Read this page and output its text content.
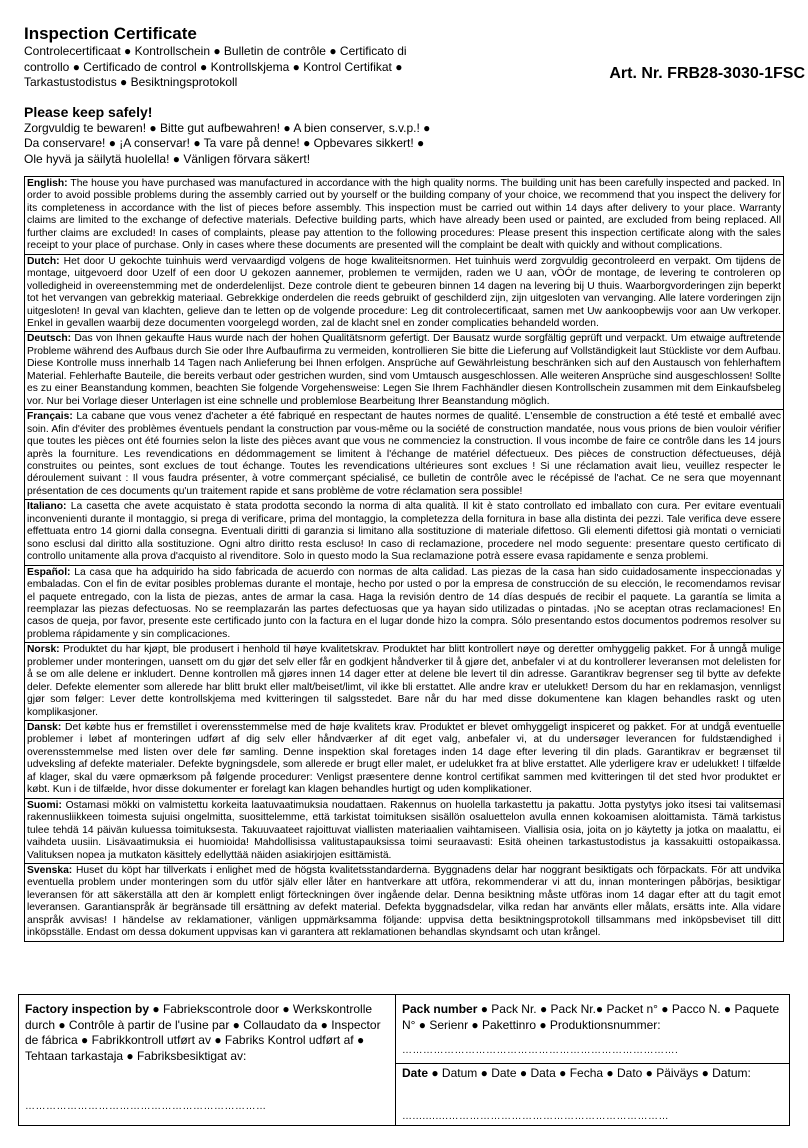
Inspection Certificate
Controlecertificaat ● Kontrollschein ● Bulletin de contrôle ● Certificato di controllo ● Certificado de control ● Kontrollskjema ● Kontrol Certifikat ● Tarkastustodistus ● Besiktningsprotokoll
Please keep safely!
Zorgvuldig te bewaren! ● Bitte gut aufbewahren! ● A bien conserver, s.v.p.! ● Da conservare! ● ¡A conservar! ● Ta vare på denne! ● Opbevares sikkert! ● Ole hyvä ja säilytä huolella! ● Vänligen förvara säkert!
Art. Nr. FRB28-3030-1FSC
English: The house you have purchased was manufactured in accordance with the high quality norms. The building unit has been carefully inspected and packed. In order to avoid possible problems during the assembly carried out by yourself or the building company of your choice, we recommend that you inspect the delivery for its completeness in accordance with the list of pieces before assembly. This inspection must be carried out within 14 days after delivery to your place. Warranty claims are limited to the exchange of defective materials. Defective building parts, which have already been used or painted, are excluded from being replaced. All further claims are excluded! In cases of complaints, please pay attention to the following procedures: Please present this inspection certificate along with the sales receipt to your place of purchase. Only in cases where these documents are presented will the complaint be dealt with quickly and without complications.
Dutch: Het door U gekochte tuinhuis werd vervaardigd volgens de hoge kwaliteitsnormen. Het tuinhuis werd zorgvuldig gecontroleerd en verpakt. Om tijdens de montage, uitgevoerd door Uzelf of een door U gekozen aannemer, problemen te vermijden, raden we U aan, vÒÓr de montage, de levering te controleren op volledigheid in overeenstemming met de onderdelenlijst. Deze controle dient te gebeuren binnen 14 dagen na levering bij U thuis. Waarborgvorderingen zijn beperkt tot het vervangen van gebrekkig materiaal. Gebrekkige onderdelen die reeds gebruikt of geschilderd zijn, zijn uitgesloten van vervanging. Alle latere vorderingen zijn uitgesloten! In geval van klachten, gelieve dan te letten op de volgende procedure: Leg dit controlecertificaat, samen met Uw aankoopbewijs voor aan Uw verkoper. Enkel in gevallen waarbij deze documenten voorgelegd worden, zal de klacht snel en zonder complicaties behandeld worden.
Deutsch: Das von Ihnen gekaufte Haus wurde nach der hohen Qualitätsnorm gefertigt. Der Bausatz wurde sorgfältig geprüft und verpackt. Um etwaige auftretende Probleme während des Aufbaus durch Sie oder Ihre Aufbaufirma zu vermeiden, kontrollieren Sie bitte die Lieferung auf Vollständigkeit laut Stückliste vor dem Aufbau. Diese Kontrolle muss innerhalb 14 Tagen nach Anlieferung bei Ihnen erfolgen. Ansprüche auf Gewährleistung beschränken sich auf den Austausch von fehlerhaftem Material. Fehlerhafte Bauteile, die bereits verbaut oder gestrichen wurden, sind vom Umtausch ausgeschlossen. Alle weiteren Ansprüche sind ausgeschlossen! Sollte es zu einer Beanstandung kommen, beachten Sie folgende Vorgehensweise: Legen Sie Ihrem Fachhändler diesen Kontrollschein zusammen mit dem Einkaufsbeleg vor. Nur bei Vorlage dieser Unterlagen ist eine schnelle und problemlose Bearbeitung Ihrer Beanstandung möglich.
Français: La cabane que vous venez d'acheter a été fabriqué en respectant de hautes normes de qualité. L'ensemble de construction a été testé et emballé avec soin. Afin d'éviter des problèmes éventuels pendant la construction par vous-même ou la société de construction mandatée, nous vous prions de bien vouloir vérifier que toutes les pièces ont été fournies selon la liste des pièces avant que vous ne commenciez la construction. Il vous incombe de faire ce contrôle dans les 14 jours après la fourniture. Les revendications en dédommagement se limitent à l'échange de matériel défectueux. Des pièces de construction défectueuses, déjà construites ou peintes, sont exclues de tout échange. Toutes les revendications ultérieures sont exclues ! Si une réclamation avait lieu, veuillez respecter le déroulement suivant : Il vous faudra présenter, à votre commerçant spécialisé, ce bulletin de contrôle avec le récépissé de l'achat. Ce ne sera que moyennant présentation de ces documents qu'un traitement rapide et sans problème de votre réclamation sera possible!
Italiano: La casetta che avete acquistato è stata prodotta secondo la norma di alta qualità. Il kit è stato controllato ed imballato con cura. Per evitare eventuali inconvenienti durante il montaggio, si prega di verificare, prima del montaggio, la completezza della fornitura in base alla distinta dei pezzi. Tale verifica deve essere effettuata entro 14 giorni dalla consegna. Eventuali diritti di garanzia si limitano alla sostituzione di materiale difettoso. Gli elementi difettosi già montati o verniciati sono esclusi dal diritto alla sostituzione. Ogni altro diritto resta escluso! In caso di reclamazione, procedere nel modo seguente: presentare questo certificato di controllo unitamente alla prova d'acquisto al rivenditore. Solo in questo modo la Sua reclamazione potrà essere evasa rapidamente e senza problemi.
Español: La casa que ha adquirido ha sido fabricada de acuerdo con normas de alta calidad. Las piezas de la casa han sido cuidadosamente inspeccionadas y embaladas. Con el fin de evitar posibles problemas durante el montaje, hecho por usted o por la empresa de construcción de su elección, le recomendamos revisar el paquete entregado, con la lista de piezas, antes de armar la casa. Haga la revisión dentro de 14 días después de recibir el paquete. La garantía se limita a reemplazar las piezas defectuosas. No se reemplazarán las partes defectuosas que ya hayan sido utilizadas o pintadas. ¡No se aceptan otras reclamaciones! En casos de queja, por favor, presente este certificado junto con la factura en el lugar donde hizo la compra. Sólo presentando estos documentos podremos resolver su problema rápidamente y sin complicaciones.
Norsk: Produktet du har kjøpt, ble produsert i henhold til høye kvalitetskrav. Produktet har blitt kontrollert nøye og deretter omhyggelig pakket. For å unngå mulige problemer under monteringen, uansett om du gjør det selv eller får en godkjent håndverker til å gjøre det, anbefaler vi at du kontrollerer leveransen mot delelisten for å se om alle delene er inkludert. Denne kontrollen må gjøres innen 14 dager etter at delene ble levert til din adresse. Garantikrav begrenser seg til bytte av defekte deler. Defekte elementer som allerede har blitt brukt eller malt/beiset/limt, vil ikke bli erstattet. Alle andre krav er utelukket! Dersom du har en reklamasjon, vennligst gjør som følger: Lever dette kontrollskjema med kvitteringen til salgsstedet. Bare når du har med disse dokumentene kan klagen behandles raskt og uten komplikasjoner.
Dansk: Det købte hus er fremstillet i overensstemmelse med de høje kvalitets krav. Produktet er blevet omhyggeligt inspiceret og pakket. For at undgå eventuelle problemer i løbet af monteringen udført af dig selv eller håndværker af dit eget valg, anbefaler vi, at du undersøger leverancen for fuldstændighed i overensstemmelse med listen over dele før samling. Denne inspektion skal foretages inden 14 dage efter levering til din plads. Garantikrav er begrænset til udveksling af defekte materialer. Defekte bygningsdele, som allerede er brugt eller malet, er udelukket fra at blive erstattet. Alle yderligere krav er udelukket! I tilfælde af klager, skal du være opmærksom på følgende procedurer: Venligst præsentere denne kontrol certifikat sammen med kvitteringen til det sted hvor produktet er købt. Kun i de tilfælde, hvor disse dokumenter er forelagt kan klagen behandles hurtigt og uden komplikationer.
Suomi: Ostamasi mökki on valmistettu korkeita laatuvaatimuksia noudattaen. Rakennus on huolella tarkastettu ja pakattu. Jotta pystytys joko itsesi tai valitsemasi rakennusliikkeen toimesta sujuisi ongelmitta, suosittelemme, että tarkistat toimituksen sisällön osaluettelon avulla ennen kokoamisen aloittamista. Tämä tarkistus tulee tehdä 14 päivän kuluessa toimituksesta. Takuuvaateet rajoittuvat viallisten materiaalien vaihtamiseen. Viallisia osia, joita on jo käytetty ja jotka on maalattu, ei vaihdeta uusiin. Lisävaatimuksia ei huomioida! Mahdollisissa valitustapauksissa toimi seuraavasti: Esitä oheinen tarkastustodistus ja kassakuitti ostopaikassa. Valituksen nopea ja mutkaton käsittely edellyttää näiden asiakirjojen esittämistä.
Svenska: Huset du köpt har tillverkats i enlighet med de högsta kvalitetsstandarderna. Byggnadens delar har noggrant besiktigats och förpackats. För att undvika eventuella problem under monteringen som du utför själv eller låter en hantverkare att utföra, rekommenderar vi att du, innan monteringen påbörjas, besiktigar leveransen för att säkerställa att den är komplett enligt förteckningen över ingående delar. Denna besiktning måste utföras inom 14 dagar efter att du tagit emot leveransen. Garantianspråk är begränsade till ersättning av defekt material. Defekta byggnadsdelar, vilka redan har använts eller målats, ersätts inte. Alla vidare anspråk avvisas! I händelse av reklamationer, vänligen uppmärksamma följande: uppvisa detta besiktningsprotokoll tillsammans med inköpsbeviset till ditt inköpsställe. Endast om dessa dokument uppvisas kan vi garantera att reklamationen behandlas skyndsamt och utan krångel.
Factory inspection by ● Fabriekscontrole door ● Werkskontrolle durch ● Contrôle à partir de l'usine par ● Collaudato da ● Inspector de fábrica ● Fabrikkontroll utført av ● Fabriks Kontrol udført af ● Tehtaan tarkastaja ● Fabriksbesiktigat av:
……………………………………………………………
Pack number ● Pack Nr. ● Pack Nr.● Packet n° ● Pacco N. ● Paquete N° ● Serienr ● Pakettinro ● Produktionsnummer:
…………………………………………………………………….
Date ● Datum ● Date ● Data ● Fecha ● Dato ● Päiväys ● Datum:
…...........………………………………………………………
